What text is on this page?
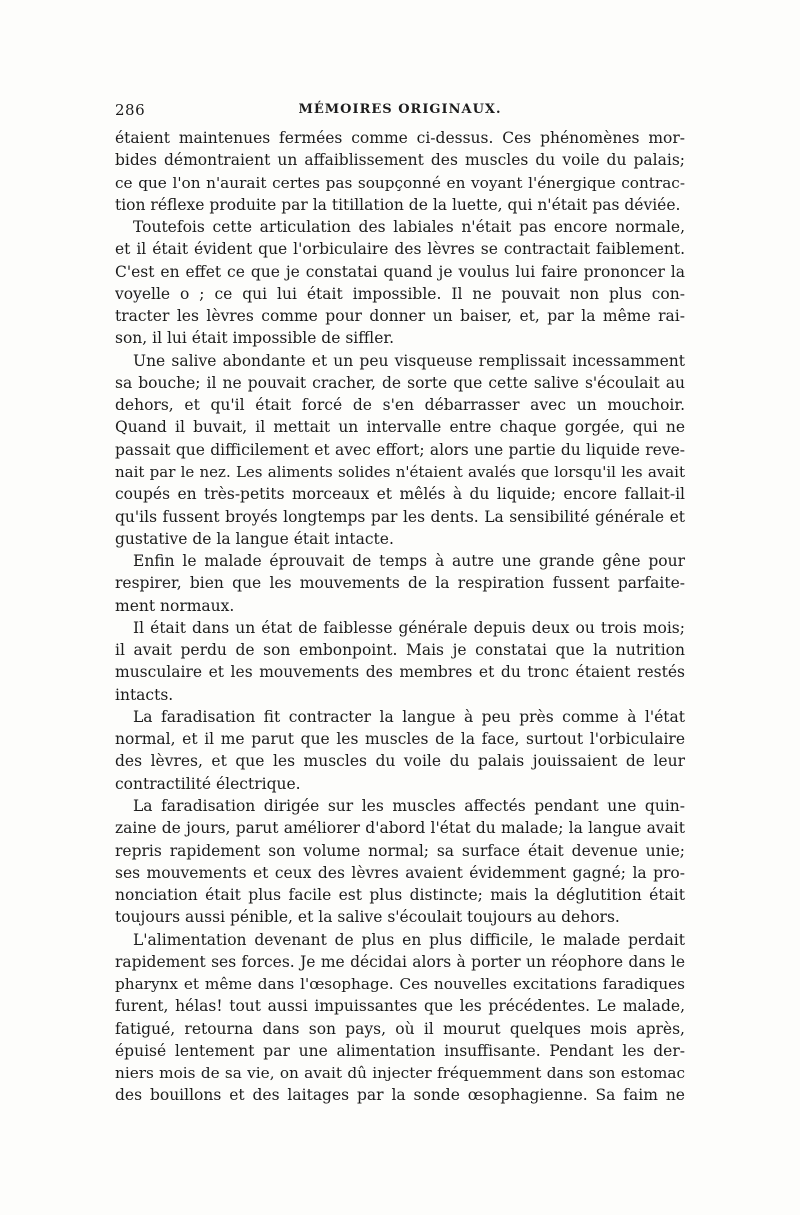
286	MÉMOIRES ORIGINAUX.
étaient maintenues fermées comme ci-dessus. Ces phénomènes mor-
bides démontraient un affaiblissement des muscles du voile du palais;
ce que l'on n'aurait certes pas soupçonné en voyant l'énergique contrac-
tion réflexe produite par la titillation de la luette, qui n'était pas déviée.
Toutefois cette articulation des labiales n'était pas encore normale,
et il était évident que l'orbiculaire des lèvres se contractait faiblement.
C'est en effet ce que je constatai quand je voulus lui faire prononcer la
voyelle o ; ce qui lui était impossible. Il ne pouvait non plus con-
tracter les lèvres comme pour donner un baiser, et, par la même rai-
son, il lui était impossible de siffler.
Une salive abondante et un peu visqueuse remplissait incessamment
sa bouche; il ne pouvait cracher, de sorte que cette salive s'écoulait au
dehors, et qu'il était forcé de s'en débarrasser avec un mouchoir.
Quand il buvait, il mettait un intervalle entre chaque gorgée, qui ne
passait que difficilement et avec effort; alors une partie du liquide reve-
nait par le nez. Les aliments solides n'étaient avalés que lorsqu'il les avait
coupés en très-petits morceaux et mêlés à du liquide; encore fallait-il
qu'ils fussent broyés longtemps par les dents. La sensibilité générale et
gustative de la langue était intacte.
Enfin le malade éprouvait de temps à autre une grande gêne pour
respirer, bien que les mouvements de la respiration fussent parfaite-
ment normaux.
Il était dans un état de faiblesse générale depuis deux ou trois mois;
il avait perdu de son embonpoint. Mais je constatai que la nutrition
musculaire et les mouvements des membres et du tronc étaient restés
intacts.
La faradisation fit contracter la langue à peu près comme à l'état
normal, et il me parut que les muscles de la face, surtout l'orbiculaire
des lèvres, et que les muscles du voile du palais jouissaient de leur
contractilité électrique.
La faradisation dirigée sur les muscles affectés pendant une quin-
zaine de jours, parut améliorer d'abord l'état du malade; la langue avait
repris rapidement son volume normal; sa surface était devenue unie;
ses mouvements et ceux des lèvres avaient évidemment gagné; la pro-
nonciation était plus facile est plus distincte; mais la déglutition était
toujours aussi pénible, et la salive s'écoulait toujours au dehors.
L'alimentation devenant de plus en plus difficile, le malade perdait
rapidement ses forces. Je me décidai alors à porter un réophore dans le
pharynx et même dans l'œsophage. Ces nouvelles excitations faradiques
furent, hélas! tout aussi impuissantes que les précédentes. Le malade,
fatigué, retourna dans son pays, où il mourut quelques mois après,
épuisé lentement par une alimentation insuffisante. Pendant les der-
niers mois de sa vie, on avait dû injecter fréquemment dans son estomac
des bouillons et des laitages par la sonde œsophagienne. Sa faim ne
